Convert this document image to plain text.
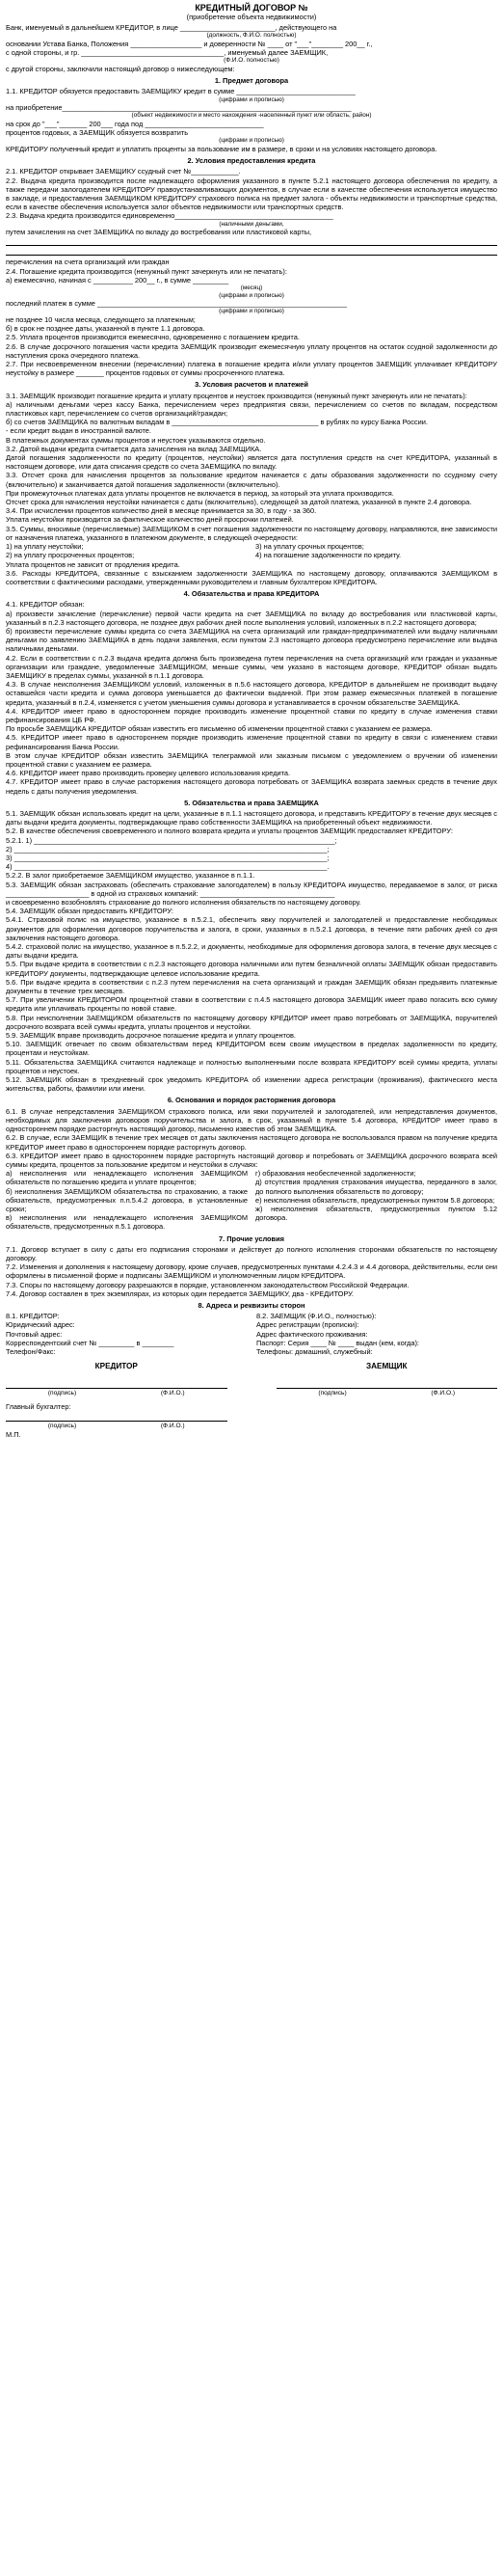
КРЕДИТНЫЙ ДОГОВОР №

(приобретение объекта недвижимости)

Банк, именуемый в дальнейшем КРЕДИТОР, в лице ________________________, действующего на

(должность, Ф.И.О. полностью)

основании Устава Банка, Положения __________________ и доверенности № ____ от "___"________ 200__ г.,

с одной стороны, и гр. ____________________________________, именуемый далее ЗАЕМЩИК,

(Ф.И.О. полностью)

с другой стороны, заключили настоящий договор о нижеследующем:

1. Предмет договора

1.1. КРЕДИТОР обязуется предоставить ЗАЕМЩИКУ кредит в сумме ______________________________

(цифрами и прописью)

на приобретение_________________________________________________________________________

(объект недвижимости и место нахождения -населенный пункт или область, район)

на срок до "___"_______ 200___ года под ______________________________

процентов годовых, а ЗАЕМЩИК обязуется возвратить

(цифрами и прописью)

КРЕДИТОРУ полученный кредит и уплатить проценты за пользование им в размере, в сроки и на условиях настоящего договора.

2. Условия предоставления кредита

2.1. КРЕДИТОР открывает ЗАЕМЩИКУ ссудный счет №____________.

2.2. Выдача кредита производится после надлежащего оформления указанного в пункте 5.2.1 настоящего договора обеспечения по кредиту, а также передачи залогодателем КРЕДИТОРУ правоустанавливающих документов, в случае если в качестве обеспечения используется имущество в закладе, и предоставления ЗАЕМЩИКОМ КРЕДИТОРУ страхового полиса на предмет залога - объекты недвижимости и транспортные средства, если в качестве обеспечения используется залог объектов недвижимости или транспортных средств.

2.3. Выдача кредита производится единовременно________________________________________

(наличными деньгами,

путем зачисления на счет ЗАЕМЩИКА по вкладу до востребования или пластиковой карты,

перечисления на счета организаций или граждан

2.4. Погашение кредита производится (ненужный пункт зачеркнуть или не печатать):

а) ежемесячно, начиная с __________ 200__ г., в сумме _________

(месяц)

(цифрами и прописью)

последний платеж в сумме _______________________________________________________________

(цифрами и прописью)

не позднее 10 числа месяца, следующего за платежным;

б) в срок не позднее даты, указанной в пункте 1.1 договора.

2.5. Уплата процентов производится ежемесячно, одновременно с погашением кредита.

2.6. В случае досрочного погашения части кредита ЗАЕМЩИК производит ежемесячную уплату процентов на остаток ссудной задолженности до наступления срока очередного платежа.

2.7. При несвоевременном внесении (перечислении) платежа в погашение кредита и/или уплату процентов ЗАЕМЩИК уплачивает КРЕДИТОРУ неустойку в размере _______ процентов годовых от суммы просроченного платежа.

3. Условия расчетов и платежей

3.1. ЗАЕМЩИК производит погашение кредита и уплату процентов и неустоек производится (ненужный пункт зачеркнуть или не печатать):

а) наличными деньгами через кассу Банка, перечислением через предприятия связи, перечислением со счетов по вкладам, посредством пластиковых карт, перечислением со счетов организаций/граждан;

б) со счетов ЗАЕМЩИКА по валютным вкладам в _____________________________________ в рублях по курсу Банка России.

- если кредит выдан в иностранной валюте.

В платежных документах суммы процентов и неустоек указываются отдельно.

3.2. Датой выдачи кредита считается дата зачисления на вклад ЗАЕМЩИКА.

Датой погашения задолженности по кредиту (процентов, неустойки) является дата поступления средств на счет КРЕДИТОРА, указанный в настоящем договоре, или дата списания средств со счета ЗАЕМЩИКА по вкладу.

3.3. Отсчет срока для начисления процентов за пользование кредитом начинается с даты образования задолженности по ссудному счету (включительно) и заканчивается датой погашения задолженности (включительно).

При промежуточных платежах дата уплаты процентов не включается в период, за который эта уплата производится.

Отсчет срока для начисления неустойки начинается с даты (включительно), следующей за датой платежа, указанной в пункте 2.4 договора.

3.4. При исчислении процентов количество дней в месяце принимается за 30, в году - за 360.

Уплата неустойки производится за фактическое количество дней просрочки платежей.

3.5. Суммы, вносимые (перечисляемые) ЗАЕМЩИКОМ в счет погашения задолженности по настоящему договору, направляются, вне зависимости от назначения платежа, указанного в платежном документе, в следующей очередности:

1) на уплату неустойки;

2) на уплату просроченных процентов;

3) на уплату срочных процентов;

4) на погашение задолженности по кредиту.

Уплата процентов не зависит от продления кредита.

3.6. Расходы КРЕДИТОРА, связанные с взысканием задолженности ЗАЕМЩИКА по настоящему договору, оплачиваются ЗАЕМЩИКОМ в соответствии с фактическими расходами, утвержденными руководителем и главным бухгалтером КРЕДИТОРА.

4. Обязательства и права КРЕДИТОРА

4.1. КРЕДИТОР обязан:

а) произвести зачисление (перечисление) первой части кредита на счет ЗАЕМЩИКА по вкладу до востребования или пластиковой карты, указанный в п.2.3 настоящего договора, не позднее двух рабочих дней после выполнения условий, изложенных в п.2.2 настоящего договора;

б) произвести перечисление суммы кредита со счета ЗАЕМЩИКА на счета организаций или граждан-предпринимателей или выдачу наличными деньгами по заявлению ЗАЕМЩИКА в день подачи заявления, если пунктом 2.3 настоящего договора предусмотрено перечисление или выдача наличными деньгами.

4.2. Если в соответствии с п.2.3 выдача кредита должна быть произведена путем перечисления на счета организаций или граждан и указанные организации или граждане, уведомленные ЗАЕМЩИКОМ, меньше суммы, чем указано в настоящем договоре, КРЕДИТОР обязан выдать ЗАЕМЩИКУ в пределах суммы, указанной в п.1.1 договора.

4.3. В случае неисполнения ЗАЕМЩИКОМ условий, изложенных в п.5.6 настоящего договора, КРЕДИТОР в дальнейшем не производит выдачу оставшейся части кредита и сумма договора уменьшается до фактически выданной. При этом размер ежемесячных платежей в погашение кредита, указанный в п.2.4, изменяется с учетом уменьшения суммы договора и устанавливается в срочном обязательстве ЗАЕМЩИКА.

4.4. КРЕДИТОР имеет право в одностороннем порядке производить изменение процентной ставки по кредиту в случае изменения ставки рефинансирования ЦБ РФ.

По просьбе ЗАЕМЩИКА КРЕДИТОР обязан известить его письменно об изменении процентной ставки с указанием ее размера.

4.5. КРЕДИТОР имеет право в одностороннем порядке производить изменение процентной ставки по кредиту в связи с изменением ставки рефинансирования Банка России.

В этом случае КРЕДИТОР обязан известить ЗАЕМЩИКА телеграммой или заказным письмом с уведомлением о вручении об изменении процентной ставки с указанием ее размера.

4.6. КРЕДИТОР имеет право производить проверку целевого использования кредита.

4.7. КРЕДИТОР имеет право в случае расторжения настоящего договора потребовать от ЗАЕМЩИКА возврата заемных средств в течение двух недель с даты получения уведомления.

5. Обязательства и права ЗАЕМЩИКА

5.1. ЗАЕМЩИК обязан использовать кредит на цели, указанные в п.1.1 настоящего договора, и представить КРЕДИТОРУ в течение двух месяцев с даты выдачи кредита документы, подтверждающие право собственности ЗАЕМЩИКА на приобретенный объект недвижимости.

5.2. В качестве обеспечения своевременного и полного возврата кредита и уплаты процентов ЗАЕМЩИК предоставляет КРЕДИТОРУ:

5.2.1. 1) ____________________________________________________________________________;

2) _______________________________________________________________________________;

3) _______________________________________________________________________________;

4) _______________________________________________________________________________.

5.2.2. В залог приобретаемое ЗАЕМЩИКОМ имущество, указанное в п.1.1.

5.3. ЗАЕМЩИК обязан застраховать (обеспечить страхование залогодателем) в пользу КРЕДИТОРА имущество, передаваемое в залог, от риска _____________________ в одной из страховых компаний: __________________________________

и своевременно возобновлять страхование до полного исполнения обязательств по настоящему договору.

5.4. ЗАЕМЩИК обязан предоставить КРЕДИТОРУ:

5.4.1. Страховой полис на имущество, указанное в п.5.2.1, обеспечить явку поручителей и залогодателей и предоставление необходимых документов для оформления договоров поручительства и залога, в сроки, указанных в п.5.2.1 договора, в течение пяти рабочих дней со дня заключения настоящего договора.

5.4.2. страховой полис на имущество, указанное в п.5.2.2, и документы, необходимые для оформления договора залога, в течение двух месяцев с даты выдачи кредита.

5.5. При выдаче кредита в соответствии с п.2.3 настоящего договора наличными или путем безналичной оплаты ЗАЕМЩИК обязан предоставить КРЕДИТОРУ документы, подтверждающие целевое использование кредита.

5.6. При выдаче кредита в соответствии с п.2.3 путем перечисления на счета организаций и граждан ЗАЕМЩИК обязан предъявить платежные документы в течение трех месяцев.

5.7. При увеличении КРЕДИТОРОМ процентной ставки в соответствии с п.4.5 настоящего договора ЗАЕМЩИК имеет право погасить всю сумму кредита или уплачивать проценты по новой ставке.

5.8. При неисполнении ЗАЕМЩИКОМ обязательств по настоящему договору КРЕДИТОР имеет право потребовать от ЗАЕМЩИКА, поручителей досрочного возврата всей суммы кредита, уплаты процентов и неустойки.

5.9. ЗАЕМЩИК вправе производить досрочное погашение кредита и уплату процентов.

5.10. ЗАЕМЩИК отвечает по своим обязательствам перед КРЕДИТОРОМ всем своим имуществом в пределах задолженности по кредиту, процентам и неустойкам.

5.11. Обязательства ЗАЕМЩИКА считаются надлежаще и полностью выполненными после возврата КРЕДИТОРУ всей суммы кредита, уплаты процентов и неустоек.

5.12. ЗАЕМЩИК обязан в трехдневный срок уведомить КРЕДИТОРА об изменении адреса регистрации (проживания), фактического места жительства, работы, фамилии или имени.

6. Основания и порядок расторжения договора

6.1. В случае непредставления ЗАЕМЩИКОМ страхового полиса, или явки поручителей и залогодателей, или непредставления документов, необходимых для заключения договоров поручительства и залога, в срок, указанный в пункте 5.4 договора, КРЕДИТОР имеет право в одностороннем порядке расторгнуть настоящий договор, письменно известив об этом ЗАЕМЩИКА.

6.2. В случае, если ЗАЕМЩИК в течение трех месяцев от даты заключения настоящего договора не воспользовался правом на получение кредита КРЕДИТОР имеет право в одностороннем порядке расторгнуть договор.

6.3. КРЕДИТОР имеет право в одностороннем порядке расторгнуть настоящий договор и потребовать от ЗАЕМЩИКА досрочного возврата всей суммы кредита, процентов за пользование кредитом и неустойки в случаях:

а) неисполнения или ненадлежащего исполнения ЗАЕМЩИКОМ обязательств по погашению кредита и уплате процентов;

б) неисполнения ЗАЕМЩИКОМ обязательства по страхованию, а также обязательств, предусмотренных п.п.5.4.2 договора, в установленные сроки;

в) неисполнения или ненадлежащего исполнения ЗАЕМЩИКОМ обязательств, предусмотренных п.5.1 договора.

г) образования необеспеченной задолженности;

д) отсутствия продления страхования имущества, переданного в залог, до полного выполнения обязательств по договору;

е) неисполнения обязательств, предусмотренных пунктом 5.8 договора;

ж) неисполнения обязательств, предусмотренных пунктом 5.12 договора.

7. Прочие условия

7.1. Договор вступает в силу с даты его подписания сторонами и действует до полного исполнения сторонами обязательств по настоящему договору.

7.2. Изменения и дополнения к настоящему договору, кроме случаев, предусмотренных пунктами 4.2.4.3 и 4.4 договора, действительны, если они оформлены в письменной форме и подписаны ЗАЕМЩИКОМ и уполномоченным лицом КРЕДИТОРА.

7.3. Споры по настоящему договору разрешаются в порядке, установленном законодательством Российской Федерации.

7.4. Договор составлен в трех экземплярах, из которых один передается ЗАЕМЩИКУ, два - КРЕДИТОРУ.

8. Адреса и реквизиты сторон

8.1. КРЕДИТОР:

Юридический адрес:

Почтовый адрес:

Корреспондентский счет № _________ в ________

Телефон/Факс:

8.2. ЗАЕМЩИК (Ф.И.О., полностью):

Адрес регистрации (прописки):

Адрес фактического проживания:

Паспорт: Серия ____ № ____ выдан (кем, когда):

Телефоны: домашний, служебный:

КРЕДИТОР	ЗАЕМЩИК
(подпись)	(Ф.И.О.)	(подпись)	(Ф.И.О.)

Главный бухгалтер:

(подпись)	(Ф.И.О.)

М.П.
